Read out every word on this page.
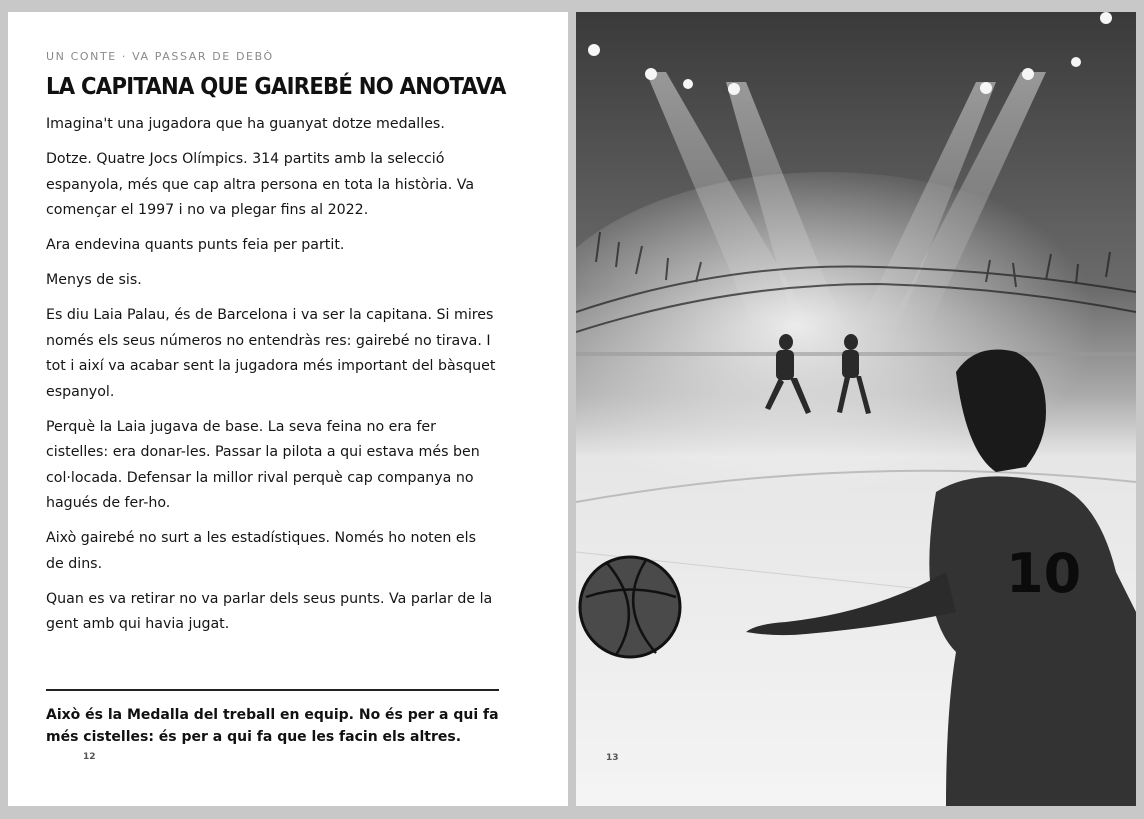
UN CONTE · VA PASSAR DE DEBÒ
LA CAPITANA QUE GAIREBÉ NO ANOTAVA

Imagina't una jugadora que ha guanyat dotze medalles.

Dotze. Quatre Jocs Olímpics. 314 partits amb la selecció espanyola, més que cap altra persona en tota la història. Va començar el 1997 i no va plegar fins al 2022.

Ara endevina quants punts feia per partit.

Menys de sis.

Es diu Laia Palau, és de Barcelona i va ser la capitana. Si mires només els seus números no entendràs res: gairebé no tirava. I tot i així va acabar sent la jugadora més important del bàsquet espanyol.

Perquè la Laia jugava de base. La seva feina no era fer cistelles: era donar-les. Passar la pilota a qui estava més ben col·locada. Defensar la millor rival perquè cap companya no hagués de fer-ho.

Això gairebé no surt a les estadístiques. Només ho noten els de dins.

Quan es va retirar no va parlar dels seus punts. Va parlar de la gent amb qui havia jugat.

Això és la Medalla del treball en equip. No és per a qui fa més cistelles: és per a qui fa que les facin els altres.
12
10
13
